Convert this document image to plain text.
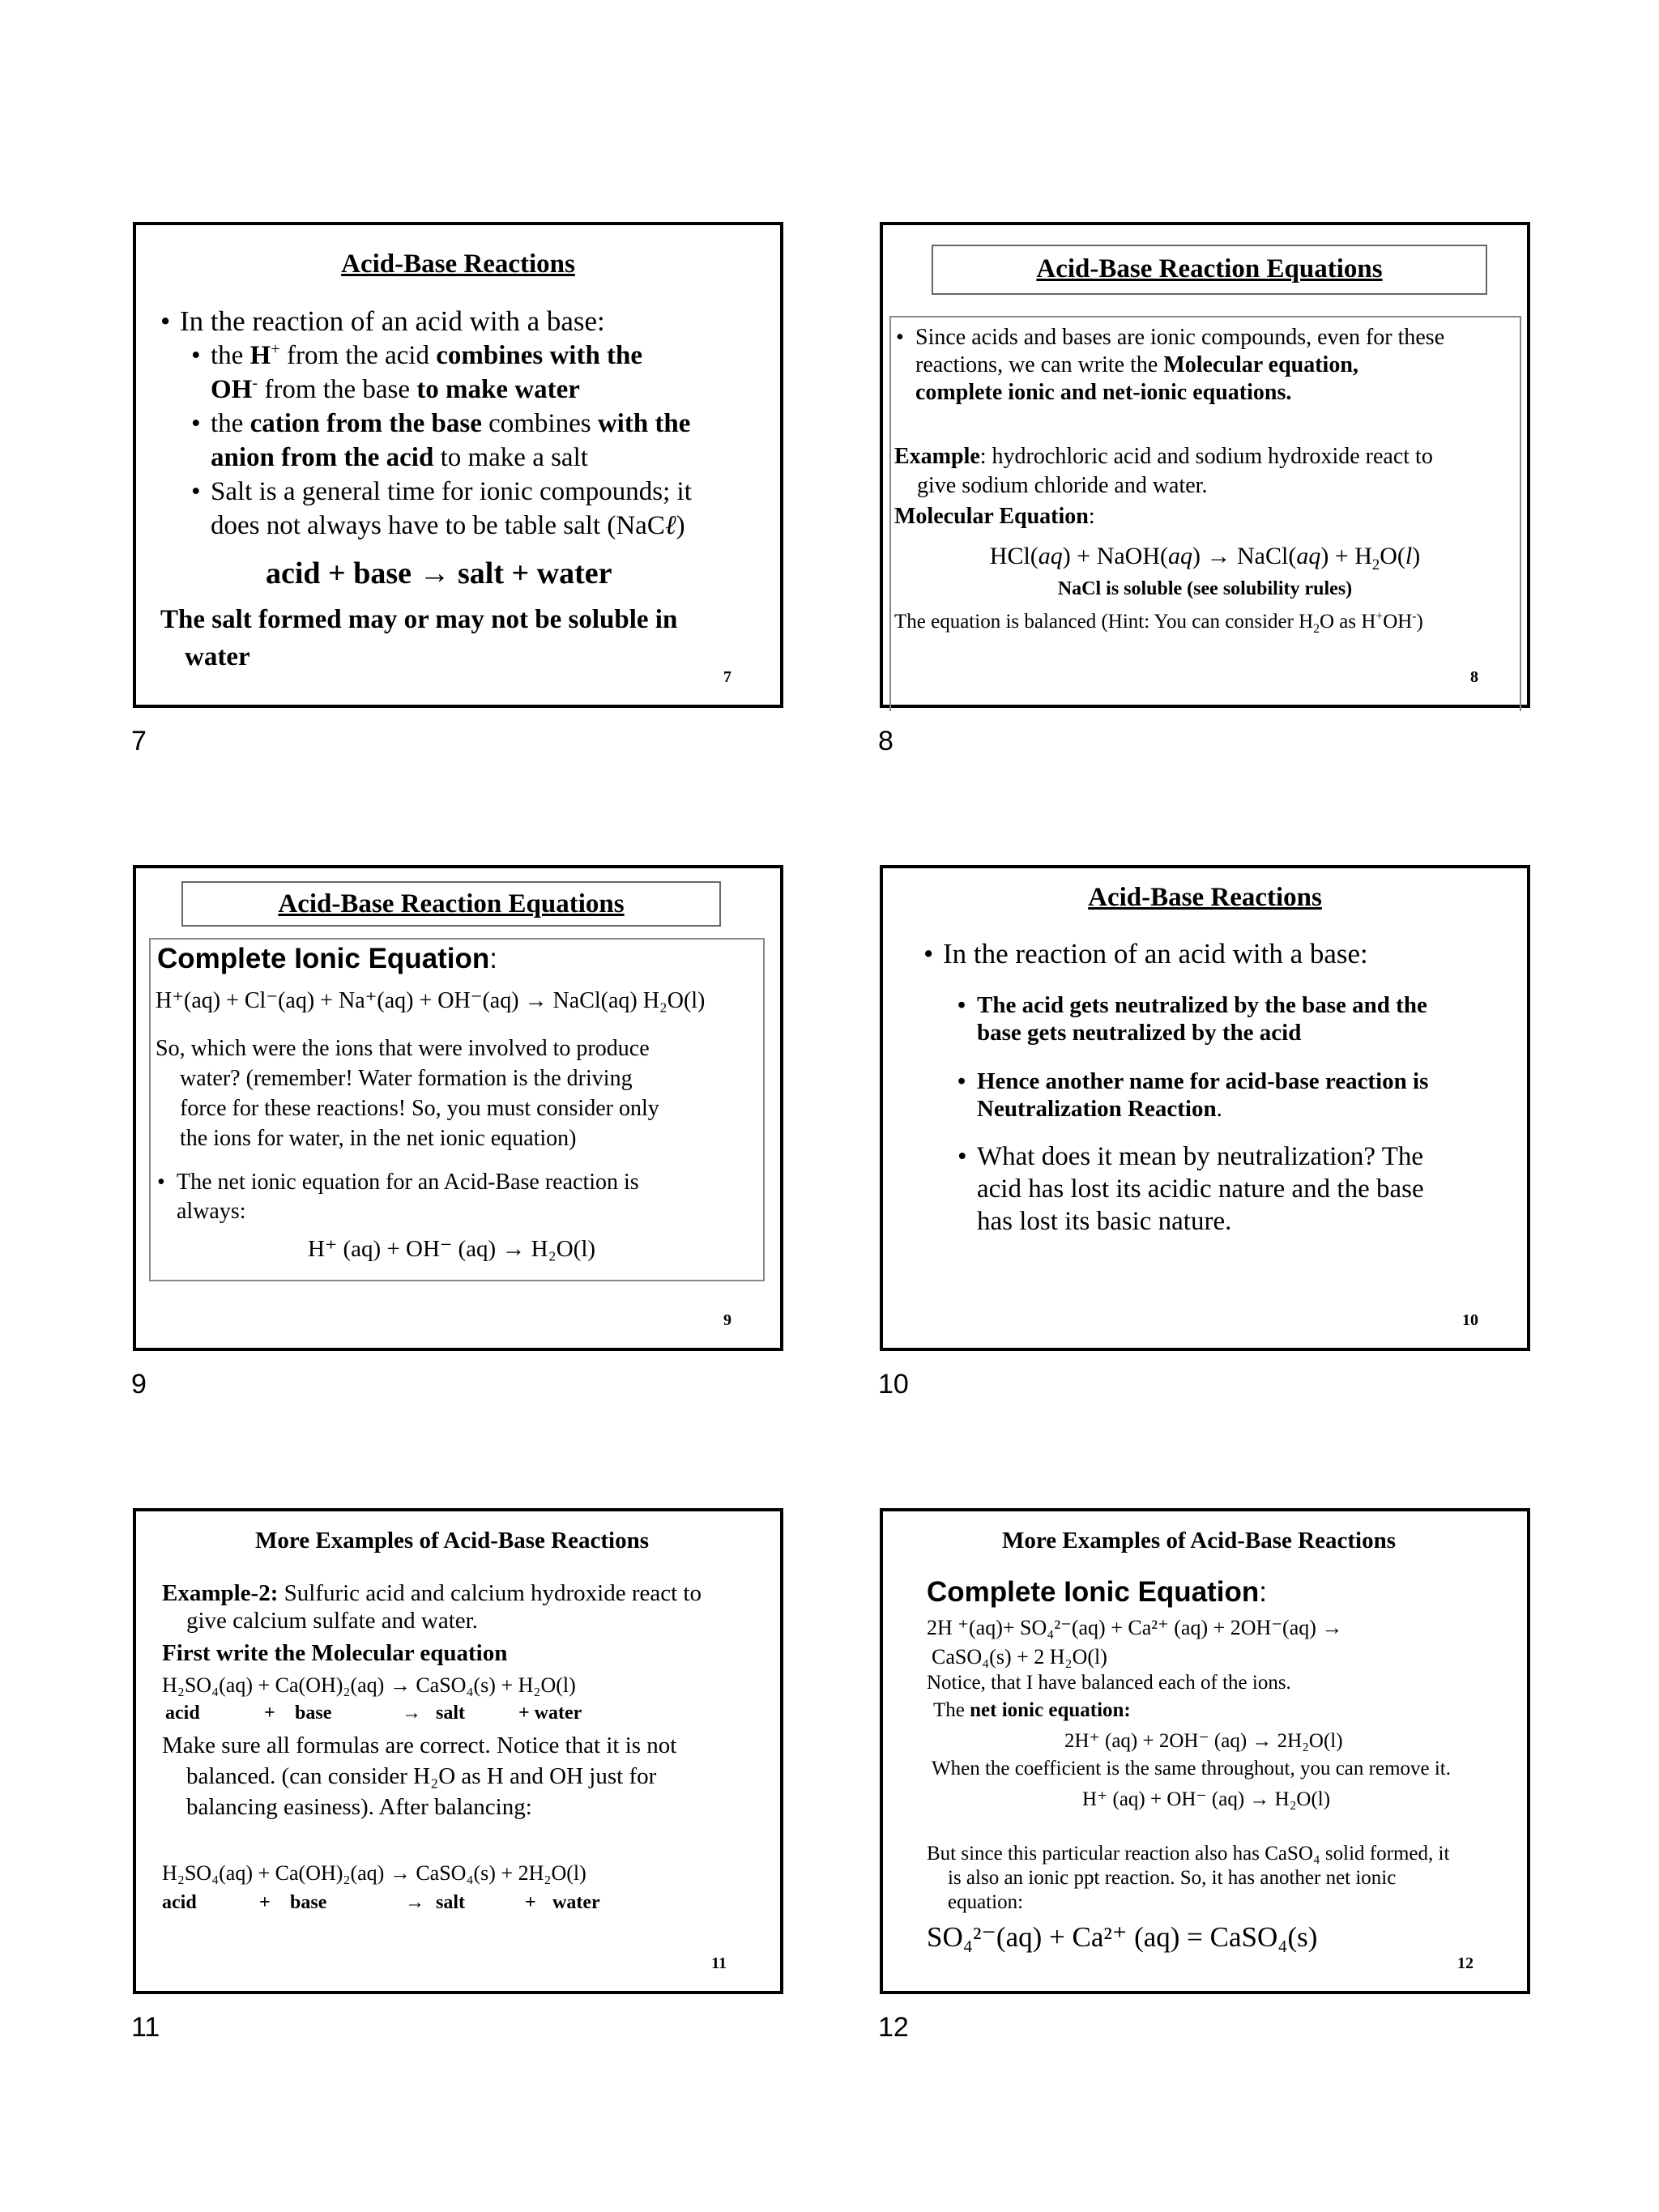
Acid-Base Reactions
• In the reaction of an acid with a base:
• the H+ from the acid combines with the
OH- from the base to make water
• the cation from the base combines with the
anion from the acid to make a salt
• Salt is a general time for ionic compounds; it
does not always have to be table salt (NaCℓ)
acid + base → salt + water
The salt formed may or may not be soluble in
water
7
7
Acid-Base Reaction Equations
• Since acids and bases are ionic compounds, even for these
reactions, we can write the Molecular equation,
complete ionic and net-ionic equations.
Example: hydrochloric acid and sodium hydroxide react to
give sodium chloride and water.
Molecular Equation:
HCl(aq) + NaOH(aq) → NaCl(aq) + $H_2O(l)$
NaCl is soluble (see solubility rules)
The equation is balanced (Hint: You can consider $H_2O$ as H+OH-)
8
8
Acid-Base Reaction Equations
Complete Ionic Equation:
H⁺(aq) + Cl⁻(aq) + Na⁺(aq) + OH⁻(aq) → NaCl(aq) H₂O(l)
So, which were the ions that were involved to produce
water? (remember! Water formation is the driving
force for these reactions! So, you must consider only
the ions for water, in the net ionic equation)
• The net ionic equation for an Acid-Base reaction is
always:
H⁺ (aq) + OH⁻ (aq) → H₂O(l)
9
9
Acid-Base Reactions
• In the reaction of an acid with a base:
• The acid gets neutralized by the base and the
base gets neutralized by the acid
• Hence another name for acid-base reaction is
Neutralization Reaction.
• What does it mean by neutralization? The
acid has lost its acidic nature and the base
has lost its basic nature.
10
10
More Examples of Acid-Base Reactions
Example-2: Sulfuric acid and calcium hydroxide react to
give calcium sulfate and water.
First write the Molecular equation
H₂SO₄(aq) + Ca(OH)₂(aq) → CaSO₄(s) + H₂O(l)
acid	+ base	→ salt	+ water
Make sure all formulas are correct. Notice that it is not
balanced. (can consider H₂O as H and OH just for
balancing easiness). After balancing:
H₂SO₄(aq) + Ca(OH)₂(aq) → CaSO₄(s) + 2H₂O(l)
acid	+ base	→ salt	+ water
11
11
More Examples of Acid-Base Reactions
Complete Ionic Equation:
2H ⁺(aq)+ SO₄²⁻(aq) + Ca²⁺ (aq) + 2OH⁻(aq) →
CaSO₄(s) + 2 H₂O(l)
Notice, that I have balanced each of the ions.
The net ionic equation:
2H⁺ (aq) + 2OH⁻ (aq) → 2H₂O(l)
When the coefficient is the same throughout, you can remove it.
H⁺ (aq) + OH⁻ (aq) → H₂O(l)
But since this particular reaction also has CaSO₄ solid formed, it
is also an ionic ppt reaction. So, it has another net ionic
equation:
SO₄²⁻(aq) + Ca²⁺ (aq) = CaSO₄(s)
12
12
